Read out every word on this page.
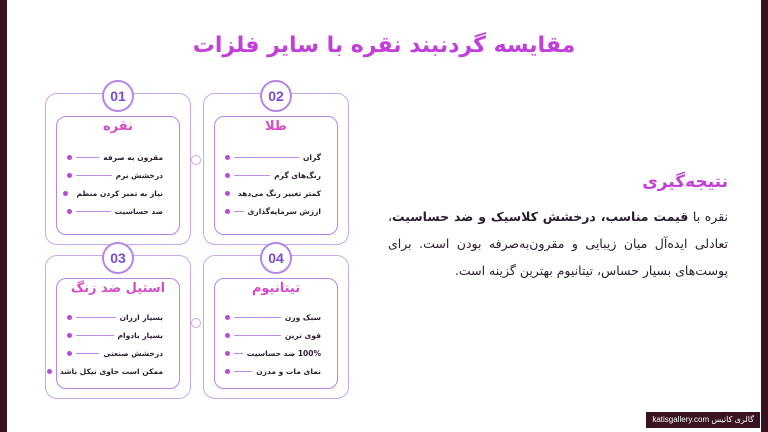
مقایسه گردنبند نقره با سایر فلزات
02
طلا
گران
رنگ‌های گرم
کمتر تغییر رنگ می‌دهد
ارزش سرمایه‌گذاری
01
نقره
مقرون به صرفه
درخشش نرم
نیاز به تمیز کردن منظم
ضد حساسیت
04
تیتانیوم
سبک وزن
قوی ترین
100% ضد حساسیت
نمای مات و مدرن
03
استیل ضد زنگ
بسیار ارزان
بسیار بادوام
درخشش صنعتی
ممکن است حاوی نیکل باشد
نتیجه‌گیری
نقره با قیمت مناسب، درخشش کلاسیک و ضد حساسیت، تعادلی ایده‌آل میان زیبایی و مقرون‌به‌صرفه بودن است. برای پوست‌های بسیار حساس، تیتانیوم بهترین گزینه است.
گالری کاتیس katisgallery.com
